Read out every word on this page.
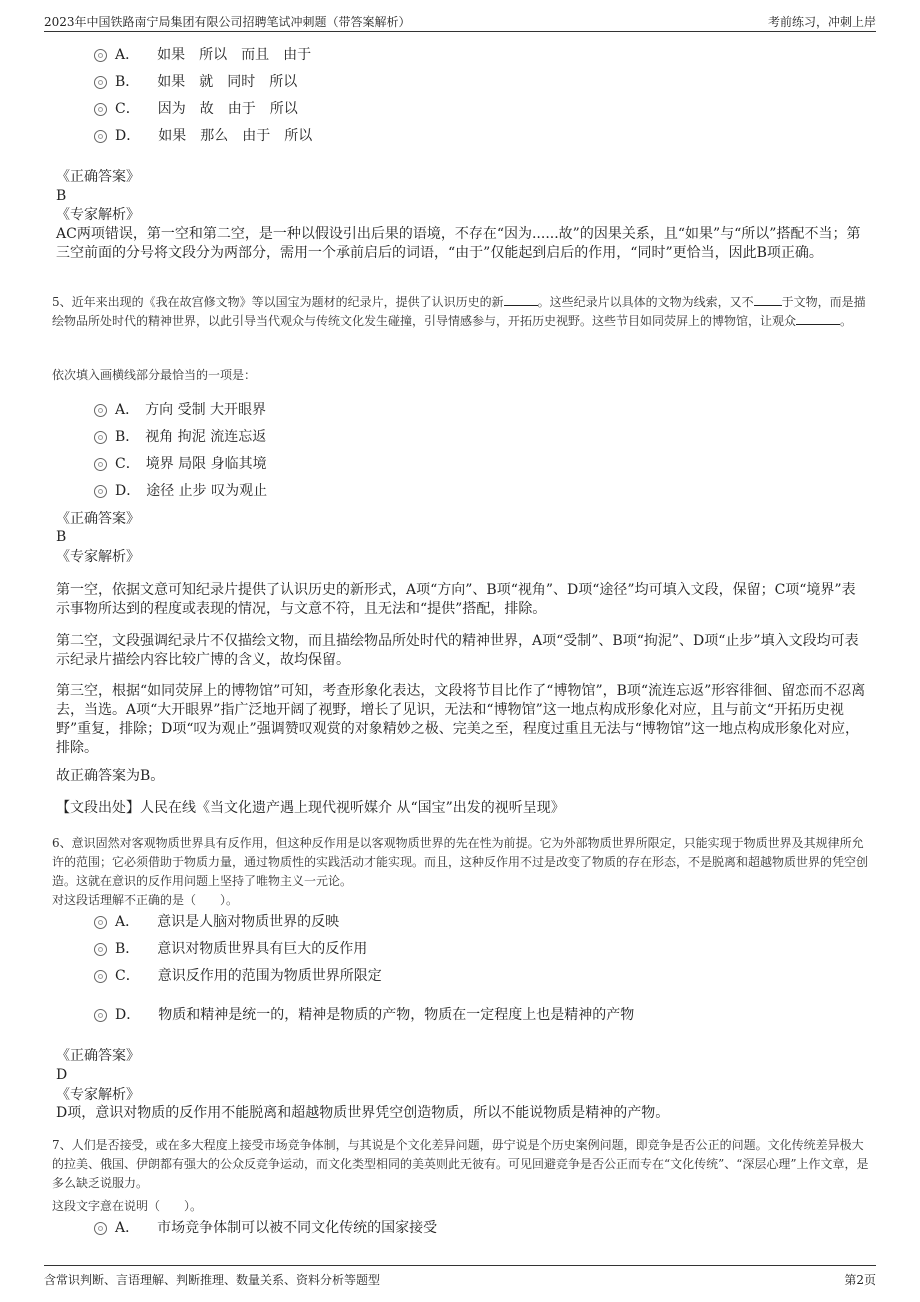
2023年中国铁路南宁局集团有限公司招聘笔试冲刺题（带答案解析）	考前练习，冲刺上岸
A． 如果　所以　而且　由于
B． 如果　就　同时　所以
C． 因为　故　由于　所以
D． 如果　那么　由于　所以
《正确答案》
B
《专家解析》
AC两项错误，第一空和第二空，是一种以假设引出后果的语境，不存在“因为......故”的因果关系，且“如果”与“所以”搭配不当；第三空前面的分号将文段分为两部分，需用一个承前启后的词语，“由于”仅能起到启后的作用，“同时”更恰当，因此B项正确。
5、近年来出现的《我在故宫修文物》等以国宝为题材的纪录片，提供了认识历史的新	。这些纪录片以具体的文物为线索，又不 于文物，而是描绘物品所处时代的精神世界，以此引导当代观众与传统文化发生碰撞，引导情感参与，开拓历史视野。这些节目如同荧屏上的博物馆，让观众	。
依次填入画横线部分最恰当的一项是：
A． 方向 受制 大开眼界
B． 视角 拘泥 流连忘返
C． 境界 局限 身临其境
D． 途径 止步 叹为观止
《正确答案》
B
《专家解析》
第一空，依据文意可知纪录片提供了认识历史的新形式，A项“方向”、B项“视角”、D项“途径”均可填入文段，保留；C项“境界”表示事物所达到的程度或表现的情况，与文意不符，且无法和“提供”搭配，排除。
第二空，文段强调纪录片不仅描绘文物，而且描绘物品所处时代的精神世界，A项“受制”、B项“拘泥”、D项“止步”填入文段均可表示纪录片描绘内容比较广博的含义，故均保留。
第三空，根据“如同荧屏上的博物馆”可知，考查形象化表达，文段将节目比作了“博物馆”，B项“流连忘返”形容徘徊、留恋而不忍离去，当选。A项“大开眼界”指广泛地开阔了视野，增长了见识，无法和“博物馆”这一地点构成形象化对应，且与前文“开拓历史视野”重复，排除；D项“叹为观止”强调赞叹观赏的对象精妙之极、完美之至，程度过重且无法与“博物馆”这一地点构成形象化对应，排除。
故正确答案为B。
【文段出处】人民在线《当文化遗产遇上现代视听媒介 从“国宝”出发的视听呈现》
6、意识固然对客观物质世界具有反作用，但这种反作用是以客观物质世界的先在性为前提。它为外部物质世界所限定，只能实现于物质世界及其规律所允许的范围；它必须借助于物质力量，通过物质性的实践活动才能实现。而且，这种反作用不过是改变了物质的存在形态，不是脱离和超越物质世界的凭空创造。这就在意识的反作用问题上坚持了唯物主义一元论。
对这段话理解不正确的是（　　）。
A． 意识是人脑对物质世界的反映
B． 意识对物质世界具有巨大的反作用
C． 意识反作用的范围为物质世界所限定
D． 物质和精神是统一的，精神是物质的产物，物质在一定程度上也是精神的产物
《正确答案》
D
《专家解析》
D项，意识对物质的反作用不能脱离和超越物质世界凭空创造物质，所以不能说物质是精神的产物。
7、人们是否接受，或在多大程度上接受市场竞争体制，与其说是个文化差异问题，毋宁说是个历史案例问题，即竞争是否公正的问题。文化传统差异极大的拉美、俄国、伊朗都有强大的公众反竞争运动，而文化类型相同的美英则此无彼有。可见回避竞争是否公正而专在“文化传统”、“深层心理”上作文章，是多么缺乏说服力。
这段文字意在说明（　　）。
A． 市场竞争体制可以被不同文化传统的国家接受
含常识判断、言语理解、判断推理、数量关系、资料分析等题型	第2页
